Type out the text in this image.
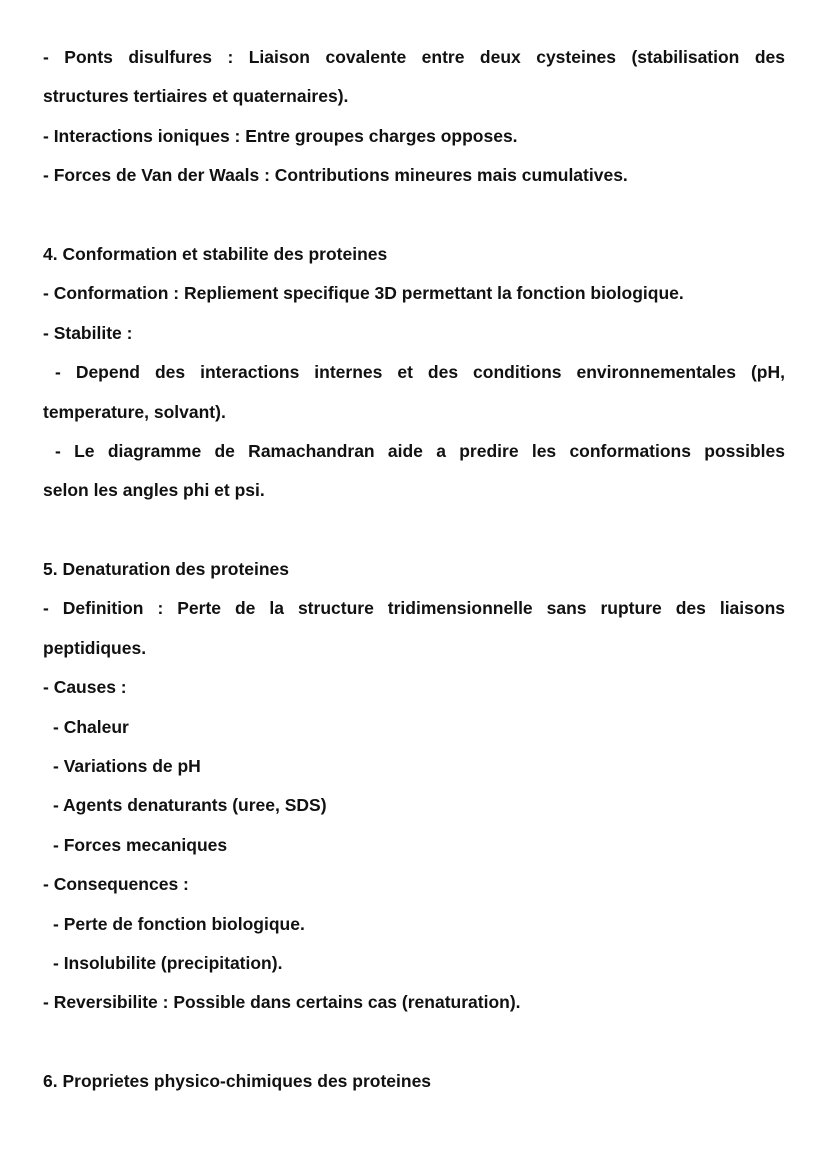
- Ponts disulfures : Liaison covalente entre deux cysteines (stabilisation des
structures tertiaires et quaternaires).
- Interactions ioniques : Entre groupes charges opposes.
- Forces de Van der Waals : Contributions mineures mais cumulatives.
4. Conformation et stabilite des proteines
- Conformation : Repliement specifique 3D permettant la fonction biologique.
- Stabilite :
- Depend des interactions internes et des conditions environnementales (pH,
temperature, solvant).
- Le diagramme de Ramachandran aide a predire les conformations possibles
selon les angles phi et psi.
5. Denaturation des proteines
- Definition : Perte de la structure tridimensionnelle sans rupture des liaisons
peptidiques.
- Causes :
- Chaleur
- Variations de pH
- Agents denaturants (uree, SDS)
- Forces mecaniques
- Consequences :
- Perte de fonction biologique.
- Insolubilite (precipitation).
- Reversibilite : Possible dans certains cas (renaturation).
6. Proprietes physico-chimiques des proteines
